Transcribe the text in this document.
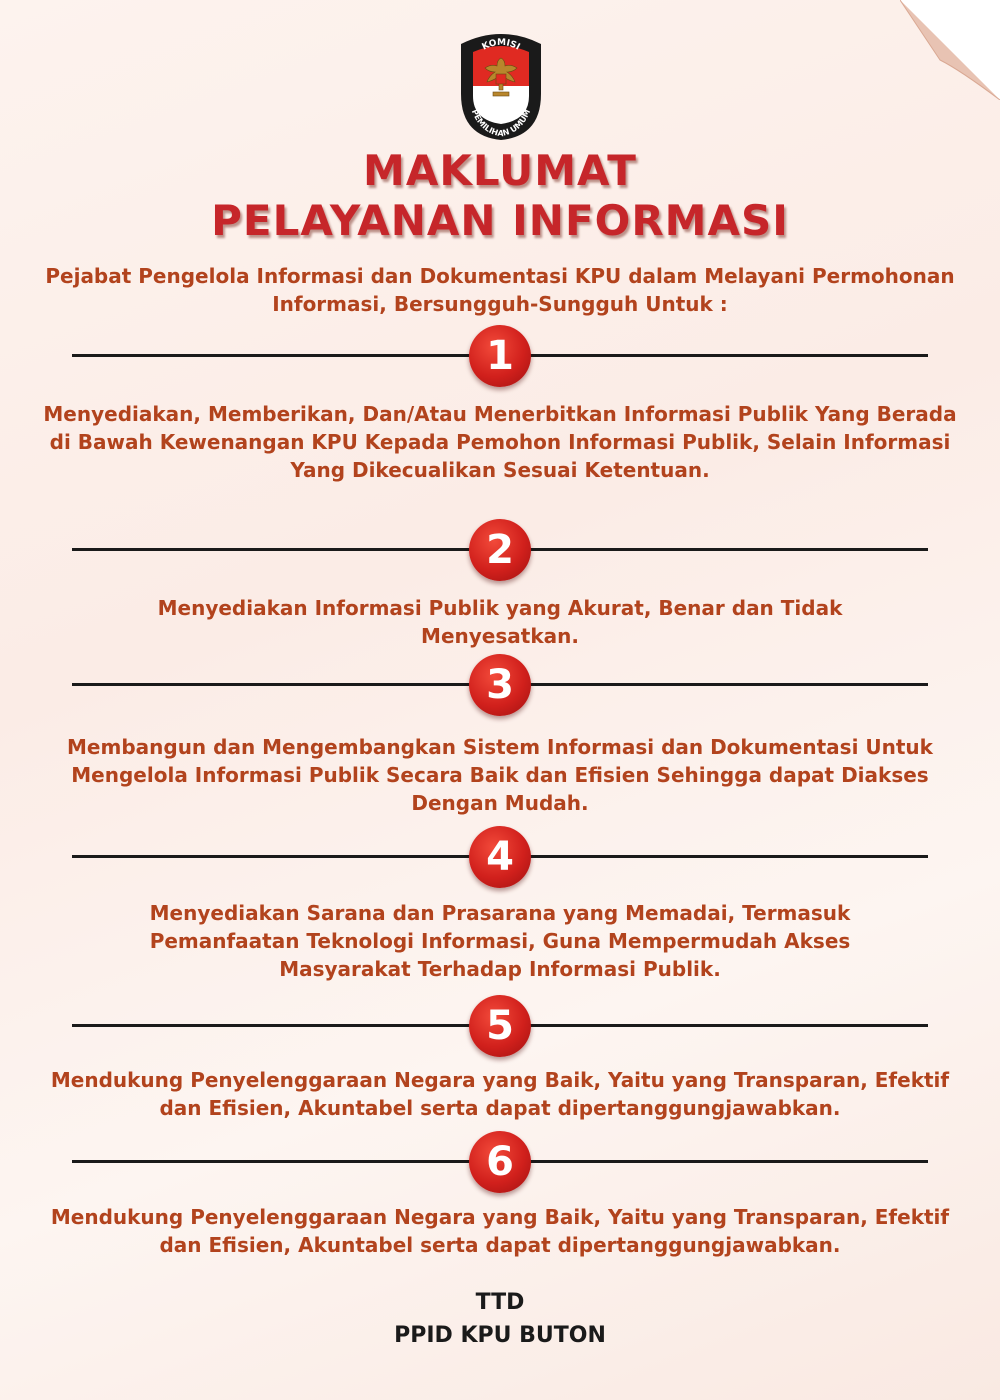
KOMISI
PEMILIHAN UMUM
MAKLUMAT
PELAYANAN INFORMASI
Pejabat Pengelola Informasi dan Dokumentasi KPU dalam Melayani Permohonan Informasi, Bersungguh-Sungguh Untuk :
1
Menyediakan, Memberikan, Dan/Atau Menerbitkan Informasi Publik Yang Berada di Bawah Kewenangan KPU Kepada Pemohon Informasi Publik, Selain Informasi Yang Dikecualikan Sesuai Ketentuan.
2
Menyediakan Informasi Publik yang Akurat, Benar dan Tidak Menyesatkan.
3
Membangun dan Mengembangkan Sistem Informasi dan Dokumentasi Untuk Mengelola Informasi Publik Secara Baik dan Efisien Sehingga dapat Diakses Dengan Mudah.
4
Menyediakan Sarana dan Prasarana yang Memadai, Termasuk Pemanfaatan Teknologi Informasi, Guna Mempermudah Akses Masyarakat Terhadap Informasi Publik.
5
Mendukung Penyelenggaraan Negara yang Baik, Yaitu yang Transparan, Efektif dan Efisien, Akuntabel serta dapat dipertanggungjawabkan.
6
Mendukung Penyelenggaraan Negara yang Baik, Yaitu yang Transparan, Efektif dan Efisien, Akuntabel serta dapat dipertanggungjawabkan.
TTD
PPID KPU BUTON
